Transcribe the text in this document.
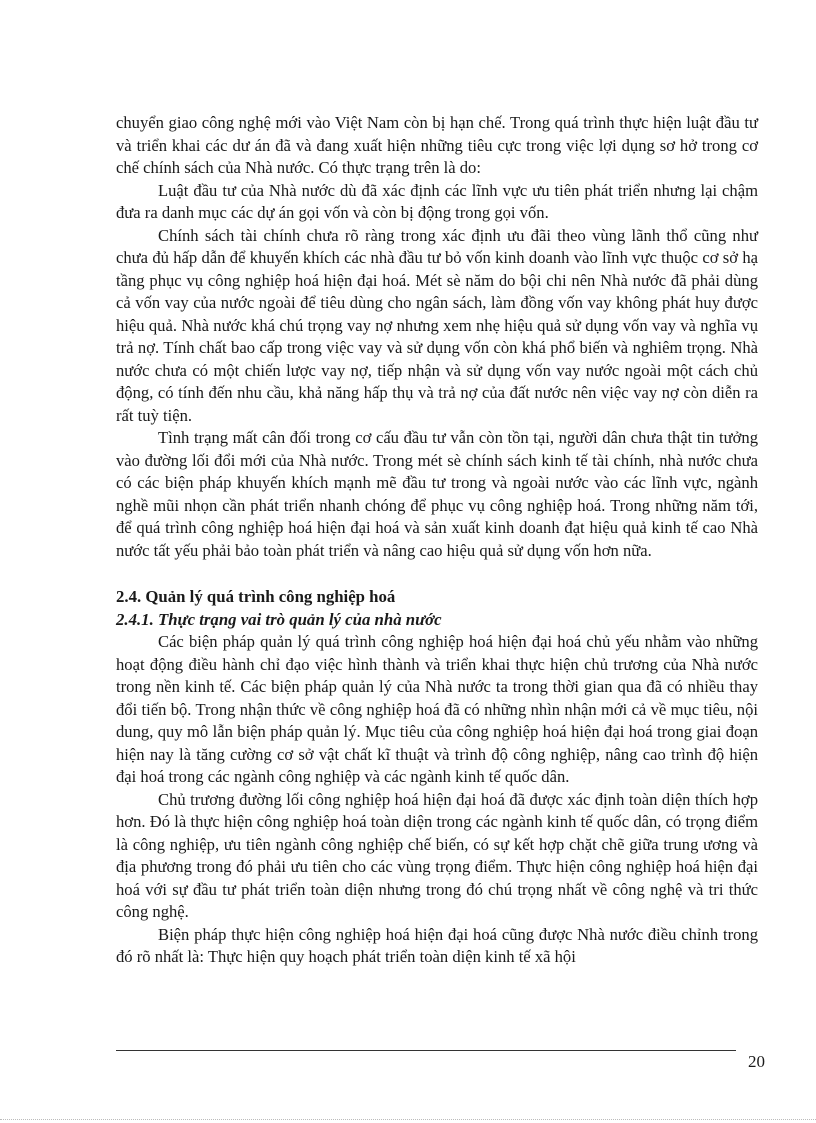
chuyển giao công nghệ mới vào Việt Nam còn bị hạn chế. Trong quá trình thực hiện luật đầu tư và triển khai các dư án đã và đang xuất hiện những tiêu cực trong việc lợi dụng sơ hở trong cơ chế chính sách của Nhà nước. Có thực trạng trên là do:

Luật đầu tư của Nhà nước dù đã xác định các lĩnh vực ưu tiên phát triển nhưng lại chậm đưa ra danh mục các dự án gọi vốn và còn bị động trong gọi vốn.

Chính sách tài chính chưa rõ ràng trong xác định ưu đãi theo vùng lãnh thổ cũng như chưa đủ hấp dẫn để khuyến khích các nhà đầu tư bỏ vốn kinh doanh vào lĩnh vực thuộc cơ sở hạ tầng phục vụ công nghiệp hoá hiện đại hoá. Mét sè năm do bội chi nên Nhà nước đã phải dùng cả vốn vay của nước ngoài để tiêu dùng cho ngân sách, làm đồng vốn vay không phát huy được hiệu quả. Nhà nước khá chú trọng vay nợ nhưng xem nhẹ hiệu quả sử dụng vốn vay và nghĩa vụ trả nợ. Tính chất bao cấp trong việc vay và sử dụng vốn còn khá phổ biến và nghiêm trọng. Nhà nước chưa có một chiến lược vay nợ, tiếp nhận và sử dụng vốn vay nước ngoài một cách chủ động, có tính đến nhu cầu, khả năng hấp thụ và trả nợ của đất nước nên việc vay nợ còn diễn ra rất tuỳ tiện.

Tình trạng mất cân đối trong cơ cấu đầu tư vẫn còn tồn tại, người dân chưa thật tin tưởng vào đường lối đổi mới của Nhà nước. Trong mét sè chính sách kinh tế tài chính, nhà nước chưa có các biện pháp khuyến khích mạnh mẽ đầu tư trong và ngoài nước vào các lĩnh vực, ngành nghề mũi nhọn cần phát triển nhanh chóng để phục vụ công nghiệp hoá. Trong những năm tới, để quá trình công nghiệp hoá hiện đại hoá và sản xuất kinh doanh đạt hiệu quả kinh tế cao Nhà nước tất yếu phải bảo toàn phát triển và nâng cao hiệu quả sử dụng vốn hơn nữa.

2.4. Quản lý quá trình công nghiệp hoá

2.4.1. Thực trạng vai trò quản lý của nhà nước

Các biện pháp quản lý quá trình công nghiệp hoá hiện đại hoá chủ yếu nhằm vào những hoạt động điều hành chỉ đạo việc hình thành và triển khai thực hiện chủ trương của Nhà nước trong nền kinh tế. Các biện pháp quản lý của Nhà nước ta trong thời gian qua đã có nhiều thay đổi tiến bộ. Trong nhận thức về công nghiệp hoá đã có những nhìn nhận mới cả về mục tiêu, nội dung, quy mô lẫn biện pháp quản lý. Mục tiêu của công nghiệp hoá hiện đại hoá trong giai đoạn hiện nay là tăng cường cơ sở vật chất kĩ thuật và trình độ công nghiệp, nâng cao trình độ hiện đại hoá trong các ngành công nghiệp và các ngành kinh tế quốc dân.

Chủ trương đường lối công nghiệp hoá hiện đại hoá đã được xác định toàn diện thích hợp hơn. Đó là thực hiện công nghiệp hoá toàn diện trong các ngành kinh tế quốc dân, có trọng điểm là công nghiệp, ưu tiên ngành công nghiệp chế biến, có sự kết hợp chặt chẽ giữa trung ương và địa phương trong đó phải ưu tiên cho các vùng trọng điểm. Thực hiện công nghiệp hoá hiện đại hoá với sự đầu tư phát triển toàn diện nhưng trong đó chú trọng nhất về công nghệ và tri thức công nghệ.

Biện pháp thực hiện công nghiệp hoá hiện đại hoá cũng được Nhà nước điều chỉnh trong đó rõ nhất là: Thực hiện quy hoạch phát triển toàn diện kinh tế xã hội

20
